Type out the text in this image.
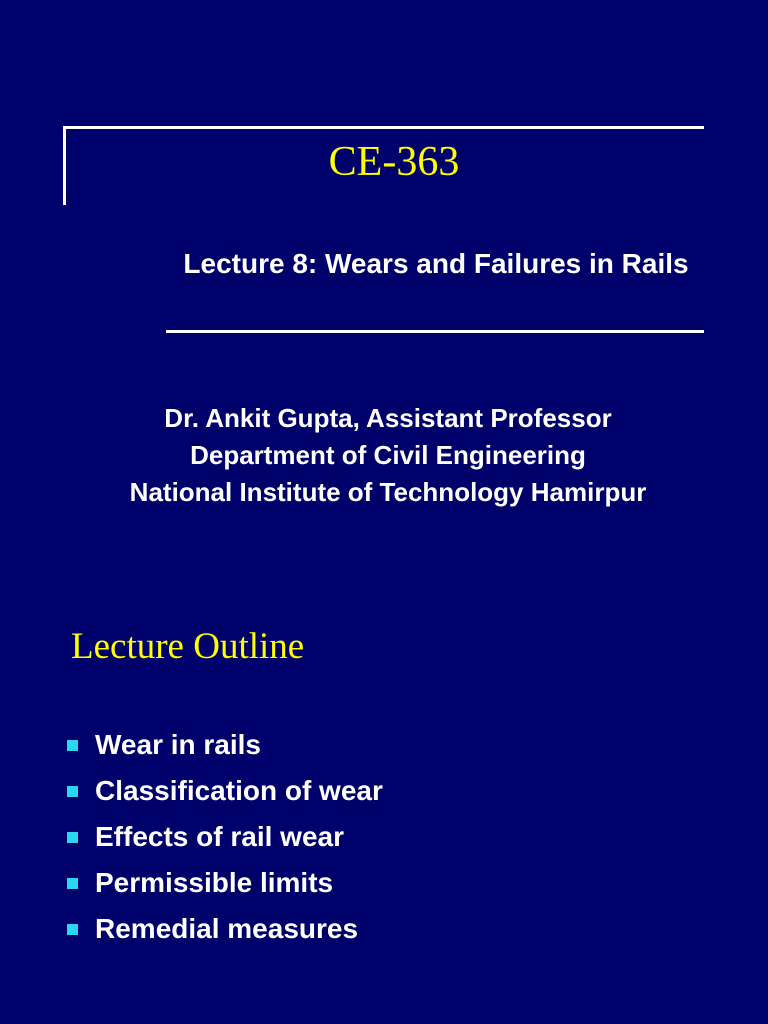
CE-363
Lecture 8: Wears and Failures in Rails
Dr. Ankit Gupta, Assistant Professor
Department of Civil Engineering
National Institute of Technology Hamirpur
Lecture Outline
Wear in rails
Classification of wear
Effects of rail wear
Permissible limits
Remedial measures
